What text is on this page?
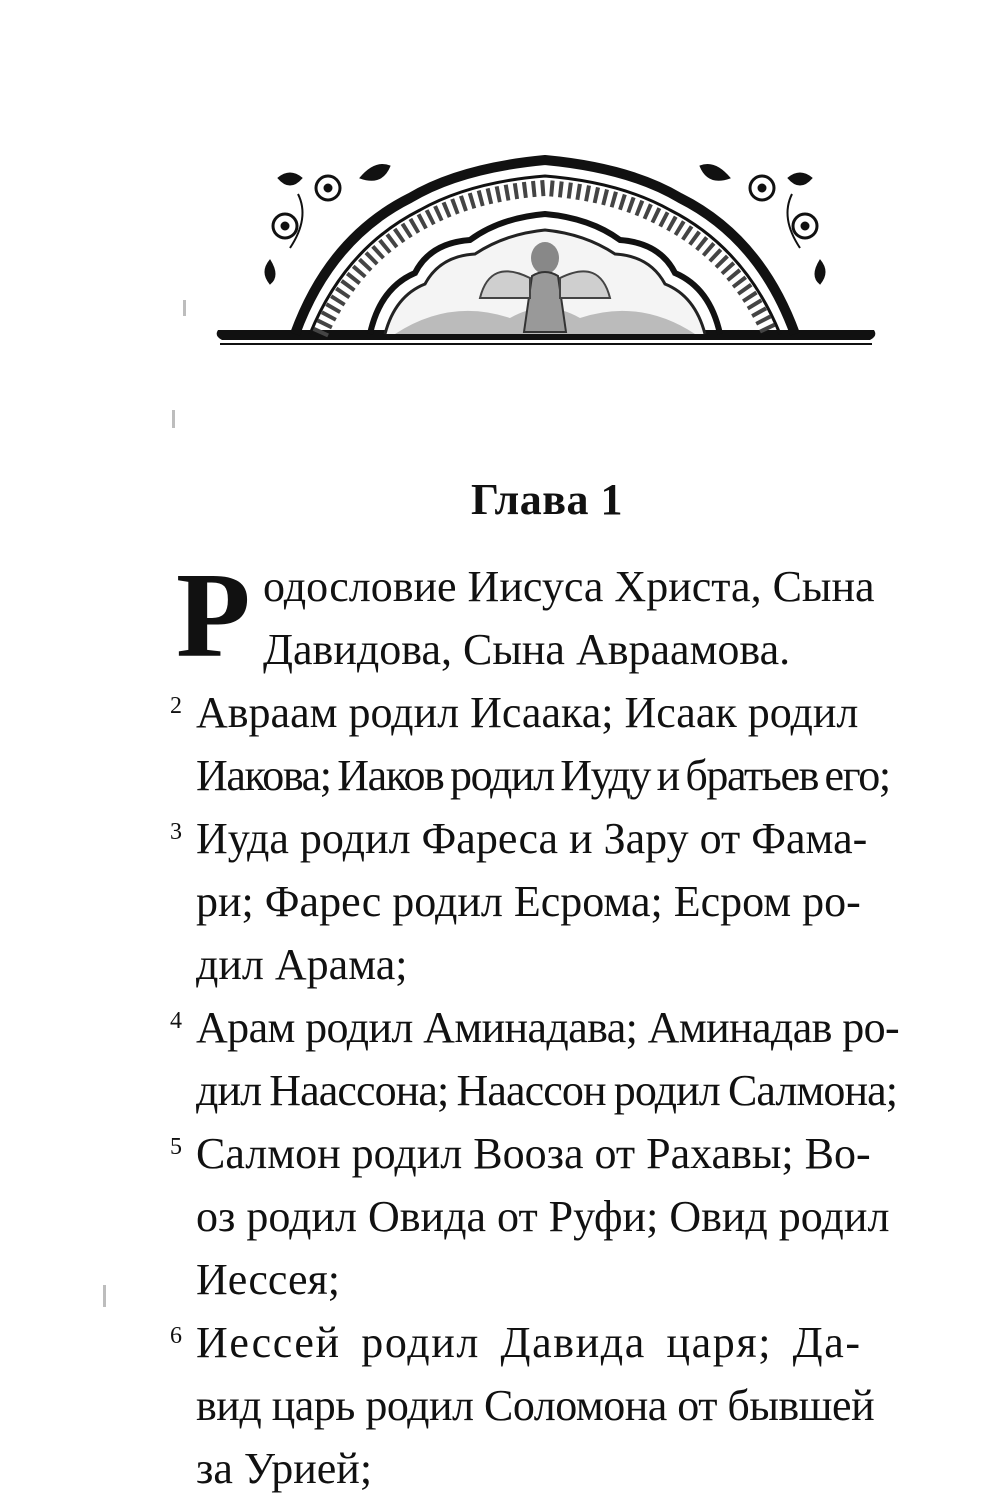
Глава 1
Р одословие Иисуса Христа, Сына
Давидова, Сына Авраамова.
2 Авраам родил Исаака; Исаак родил
Иакова; Иаков родил Иуду и братьев его;
3 Иуда родил Фареса и Зару от Фама-
ри; Фарес родил Есрома; Есром ро-
дил Арама;
4 Арам родил Аминадава; Аминадав ро-
дил Наассона; Наассон родил Салмона;
5 Салмон родил Вооза от Рахавы; Во-
оз родил Овида от Руфи; Овид родил
Иессея;
6 Иессей родил Давида царя; Да-
вид царь родил Соломона от бывшей
за Урией;
